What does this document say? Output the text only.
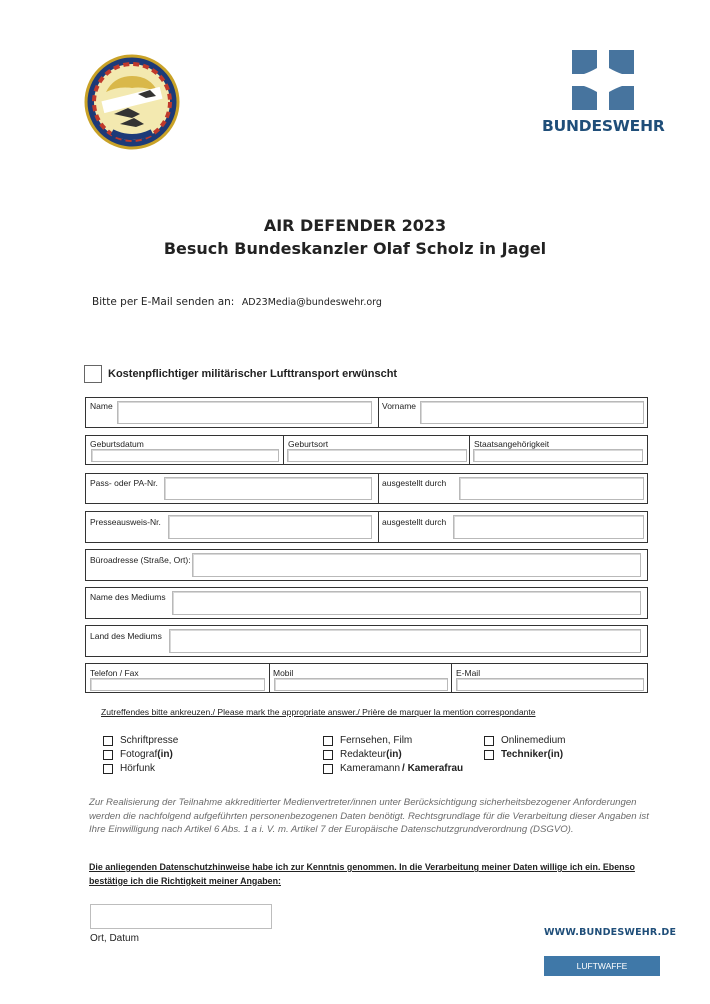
BUNDESWEHR
AIR DEFENDER 2023
Besuch Bundeskanzler Olaf Scholz in Jagel
Bitte per E-Mail senden an: AD23Media@bundeswehr.org
Kostenpflichtiger militärischer Lufttransport erwünscht
Name	Vorname
Geburtsdatum	Geburtsort	Staatsangehörigkeit
Pass- oder PA-Nr.	ausgestellt durch
Presseausweis-Nr.	ausgestellt durch
Büroadresse (Straße, Ort):
Name des Mediums
Land des Mediums
Telefon / Fax	Mobil	E-Mail
Zutreffendes bitte ankreuzen./ Please mark the appropriate answer./ Prière de marquer la mention correspondante
Schriftpresse
Fotograf(in)
Hörfunk
Fernsehen, Film
Redakteur(in)
Kameramann / Kamerafrau
Onlinemedium
Techniker(in)
Zur Realisierung der Teilnahme akkreditierter Medienvertreter/innen unter Berücksichtigung sicherheitsbezogener Anforderungen werden die nachfolgend aufgeführten personenbezogenen Daten benötigt. Rechtsgrundlage für die Verarbeitung dieser Angaben ist Ihre Einwilligung nach Artikel 6 Abs. 1 a i. V. m. Artikel 7 der Europäische Datenschutzgrundverordnung (DSGVO).
Die anliegenden Datenschutzhinweise habe ich zur Kenntnis genommen. In die Verarbeitung meiner Daten willige ich ein. Ebenso bestätige ich die Richtigkeit meiner Angaben:
Ort, Datum
WWW.BUNDESWEHR.DE
LUFTWAFFE
